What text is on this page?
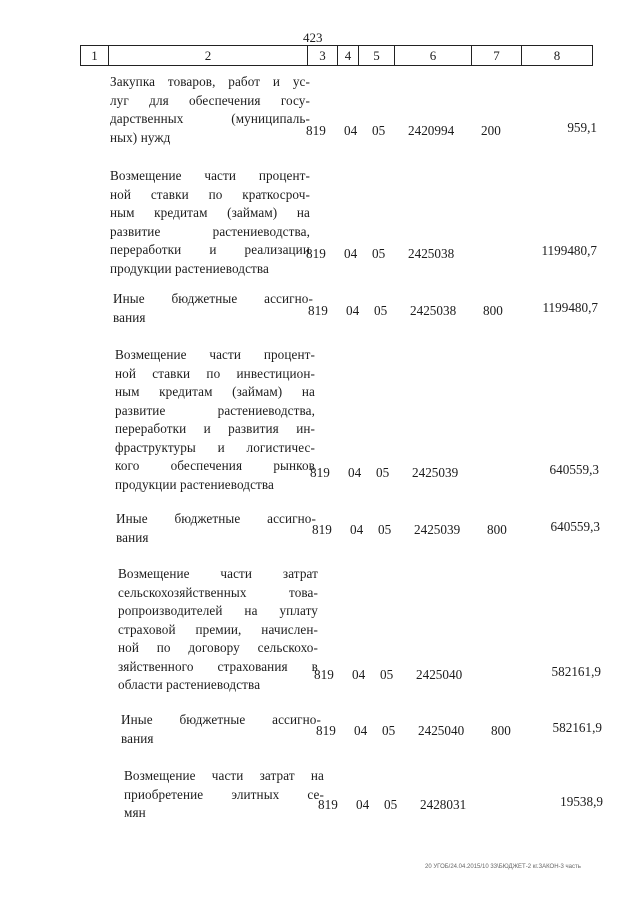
423
1	2	3	4	5	6	7	8
Закупка товаров, работ и ус-
луг для обеспечения госу-
дарственных (муниципаль-
ных) нужд	819 04 05 2420994 200	959,1
Возмещение части процент-
ной ставки по краткосроч-
ным кредитам (займам) на
развитие растениеводства,
переработки и реализации
продукции растениеводства
819 04 05 2425038	1199480,7
Иные бюджетные ассигно-
вания	819 04 05 2425038 800	1199480,7
Возмещение части процент-
ной ставки по инвестицион-
ным кредитам (займам) на
развитие растениеводства,
переработки и развития ин-
фраструктуры и логистичес-
кого обеспечения рынков
продукции растениеводства
819 04 05 2425039	640559,3
Иные бюджетные ассигно-
вания	819 04 05 2425039 800	640559,3
Возмещение части затрат
сельскохозяйственных това-
ропроизводителей на уплату
страховой премии, начислен-
ной по договору сельскохо-
зяйственного страхования в
области растениеводства
819 04 05 2425040	582161,9
Иные бюджетные ассигно-
вания	819 04 05 2425040 800	582161,9
Возмещение части затрат на
приобретение элитных се-
мян
819 04 05 2428031	19538,9
20 УГОБ/24.04.2015/10 33\БЮДЖЕТ-2 кг.ЗАКОН-3 часть
